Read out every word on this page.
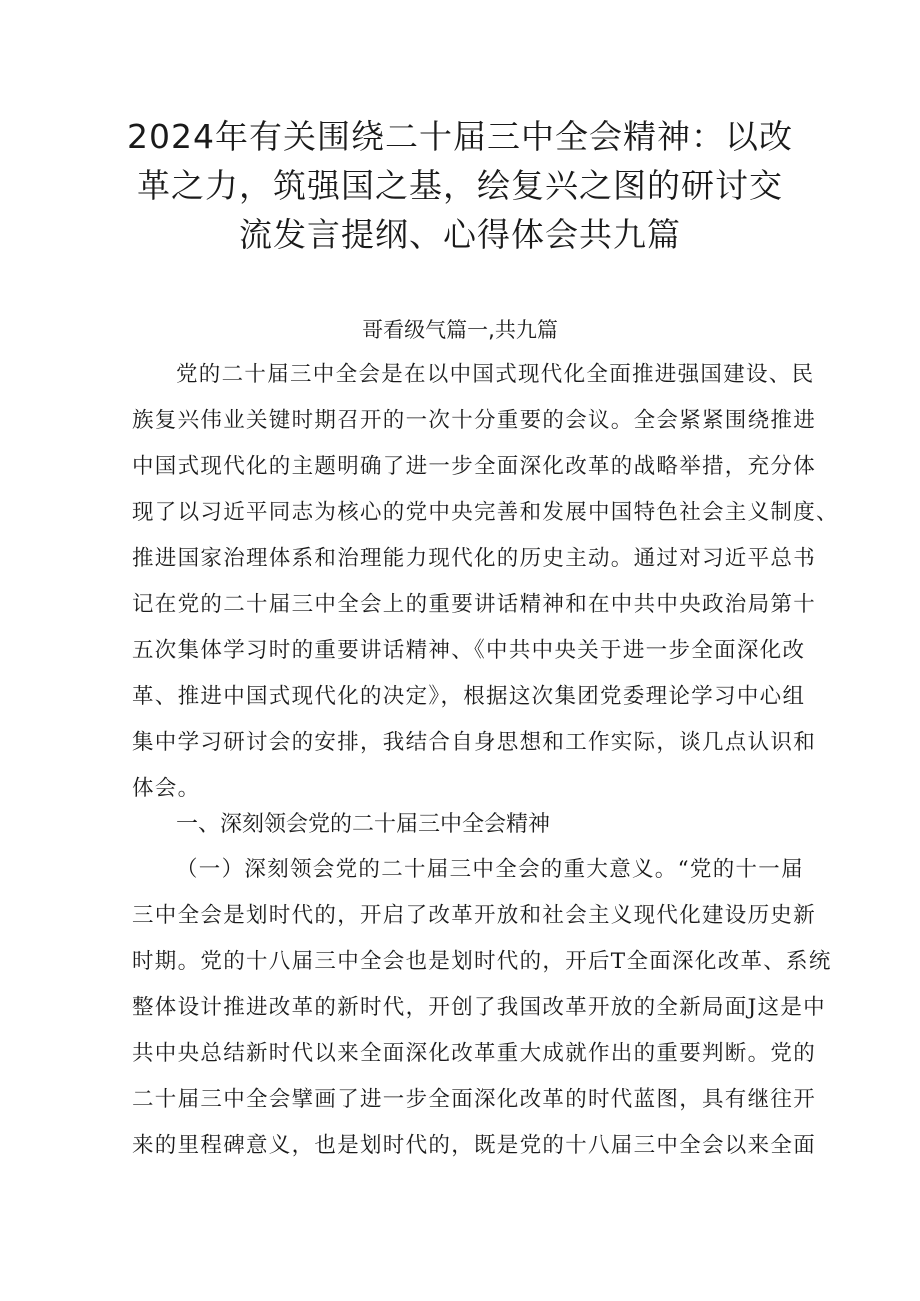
2024年有关围绕二十届三中全会精神：以改
革之力，筑强国之基，绘复兴之图的研讨交
流发言提纲、心得体会共九篇
哥看级气篇一,共九篇
党的二十届三中全会是在以中国式现代化全面推进强国建设、民
族复兴伟业关键时期召开的一次十分重要的会议。全会紧紧围绕推进
中国式现代化的主题明确了进一步全面深化改革的战略举措，充分体
现了以习近平同志为核心的党中央完善和发展中国特色社会主义制度、
推进国家治理体系和治理能力现代化的历史主动。通过对习近平总书
记在党的二十届三中全会上的重要讲话精神和在中共中央政治局第十
五次集体学习时的重要讲话精神、《中共中央关于进一步全面深化改
革、推进中国式现代化的决定》，根据这次集团党委理论学习中心组
集中学习研讨会的安排，我结合自身思想和工作实际，谈几点认识和
体会。
一、深刻领会党的二十届三中全会精神
（一）深刻领会党的二十届三中全会的重大意义。“党的十一届
三中全会是划时代的，开启了改革开放和社会主义现代化建设历史新
时期。党的十八届三中全会也是划时代的，开后T全面深化改革、系统
整体设计推进改革的新时代，开创了我国改革开放的全新局面J这是中
共中央总结新时代以来全面深化改革重大成就作出的重要判断。党的
二十届三中全会擘画了进一步全面深化改革的时代蓝图，具有继往开
来的里程碑意义，也是划时代的，既是党的十八届三中全会以来全面
